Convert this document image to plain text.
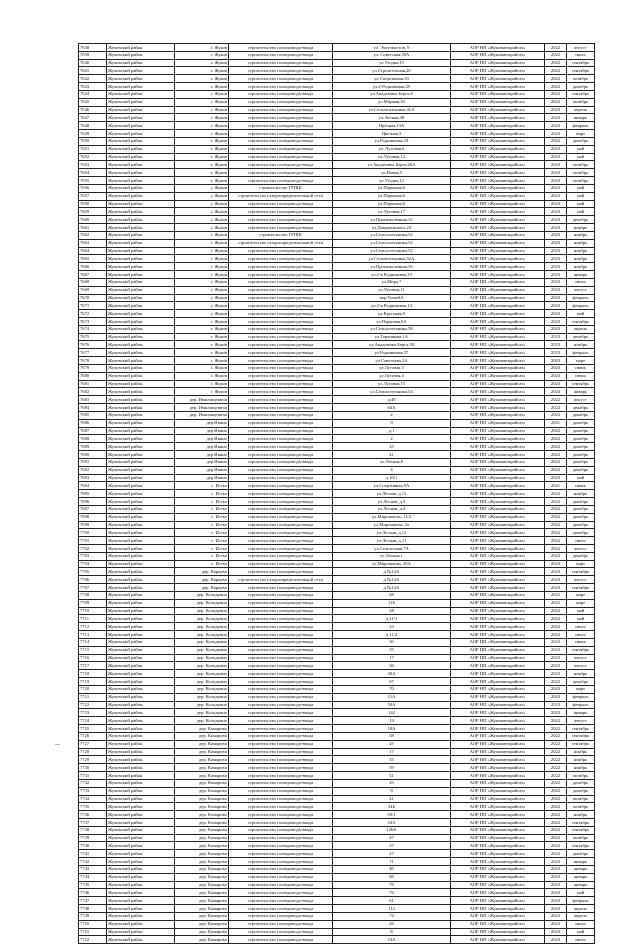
7638	Жуковский район	г. Жуков	строительство газопровода-ввода	ул. Энтузиастов, 9	АОР НП «Жуковмежрайгаз»	2022	август
7639	Жуковский район	г. Жуков	строительство газопровода-ввода	ул. Советская,39А	АОР НП «Жуковмежрайгаз»	2022	июль
7640	Жуковский район	г. Жуков	строительство газопровода-ввода	ул.Угодка,19	АОР НП «Жуковмежрайгаз»	2022	сентябрь
7641	Жуковский район	г. Жуков	строительство газопровода-ввода	ул.Строительная,20	АОР НП «Жуковмежрайгаз»	2022	сентябрь
7642	Жуковский район	г. Жуков	строительство газопровода-ввода	ул.Спортивная,33	АОР НП «Жуковмежрайгаз»	2022	октябрь
7643	Жуковский район	г. Жуков	строительство газопровода-ввода	ул.2-Родниковая,29	АОР НП «Жуковмежрайгаз»	2022	декабрь
7644	Жуковский район	г. Жуков	строительство газопровода-ввода	ул.Академика Берга,6	АОР НП «Жуковмежрайгаз»	2022	сентябрь
7645	Жуковский район	г. Жуков	строительство газопровода-ввода	ул.Мирная,20	АОР НП «Жуковмежрайгаз»	2022	октябрь
7646	Жуковский район	г. Жуков	строительство газопровода-ввода	ул.Сельхозтехника,41А	АОР НП «Жуковмежрайгаз»	2023	апрель
7647	Жуковский район	г. Жуков	строительство газопровода-ввода	ул.Лесная,48	АОР НП «Жуковмежрайгаз»	2023	январь
7648	Жуковский район	г. Жуков	строительство газопровода-ввода	Пречная,13А	АОР НП «Жуковмежрайгаз»	2023	февраль
7649	Жуковский район	г. Жуков	строительство газопровода-ввода	Цветная,3	АОР НП «Жуковмежрайгаз»	2023	март
7650	Жуковский район	г. Жуков	строительство газопровода-ввода	ул.Родниковая,19	АОР НП «Жуковмежрайгаз»	2022	декабрь
7651	Жуковский район	г. Жуков	строительство газопровода-ввода	ул. Луговая,6	АОР НП «Жуковмежрайгаз»	2023	май
7652	Жуковский район	г. Жуков	строительство газопровода-ввода	ул.Луговая,12	АОР НП «Жуковмежрайгаз»	2023	май
7653	Жуковский район	г. Жуков	строительство газопровода-ввода	ул.Академика Берга,20А	АОР НП «Жуковмежрайгаз»	2023	октябрь
7654	Жуковский район	г. Жуков	строительство газопровода-ввода	ул.Новая,5	АОР НП «Жуковмежрайгаз»	2023	октябрь
7655	Жуковский район	г. Жуков	строительство газопровода-ввода	ул.Угодка,12	АОР НП «Жуковмежрайгаз»	2023	октябрь
7656	Жуковский район	г. Жуков	строительство ГРПШ	ул.Парковая,6	АОР НП «Жуковмежрайгаз»	2023	май
7657	Жуковский район	г. Жуков	строительство газораспределительной сети	ул.Парковая,6	АОР НП «Жуковмежрайгаз»	2023	май
7658	Жуковский район	г. Жуков	строительство газопровода-ввода	ул.Парковая,6	АОР НП «Жуковмежрайгаз»	2023	май
7659	Жуковский район	г. Жуков	строительство газопровода-ввода	ул.Луговая,17	АОР НП «Жуковмежрайгаз»	2023	май
7660	Жуковский район	г. Жуков	строительство газопровода-ввода	ул.Промышленная,15	АОР НП «Жуковмежрайгаз»	2023	декабрь
7661	Жуковский район	г. Жуков	строительство газопровода-ввода	ул.Дзержинского,23	АОР НП «Жуковмежрайгаз»	2023	ноябрь
7662	Жуковский район	г. Жуков	строительство ГРПШ	ул.Сельхозтехника,52	АОР НП «Жуковмежрайгаз»	2023	ноябрь
7663	Жуковский район	г. Жуков	строительство газораспределительной сети	ул.Сельхозтехника,52	АОР НП «Жуковмежрайгаз»	2023	ноябрь
7664	Жуковский район	г. Жуков	строительство газопровода-ввода	ул.Сельхозтехника,52	АОР НП «Жуковмежрайгаз»	2023	ноябрь
7665	Жуковский район	г. Жуков	строительство газопровода-ввода	ул.Сельхозтехника,52А	АОР НП «Жуковмежрайгаз»	2023	ноябрь
7666	Жуковский район	г. Жуков	строительство газопровода-ввода	ул.Промышленная,10	АОР НП «Жуковмежрайгаз»	2023	ноябрь
7667	Жуковский район	г. Жуков	строительство газопровода-ввода	ул.2-я Родниковая,33	АОР НП «Жуковмежрайгаз»	2023	январь
7668	Жуковский район	г. Жуков	строительство газопровода-ввода	ул.Мира,7	АОР НП «Жуковмежрайгаз»	2023	июль
7669	Жуковский район	г. Жуков	строительство газопровода-ввода	ул.Луговая,11	АОР НП «Жуковмежрайгаз»	2023	август
7670	Жуковский район	г. Жуков	строительство газопровода-ввода	пер.Тихий,6	АОР НП «Жуковмежрайгаз»	2023	февраль
7671	Жуковский район	г. Жуков	строительство газопровода-ввода	ул.2-я Родниковая,13	АОР НП «Жуковмежрайгаз»	2023	февраль
7672	Жуковский район	г. Жуков	строительство газопровода-ввода	ул.Круговая,9	АОР НП «Жуковмежрайгаз»	2023	май
7673	Жуковский район	г. Жуков	строительство газопровода-ввода	ул.Парковая,6А	АОР НП «Жуковмежрайгаз»	2023	сентябрь
7674	Жуковский район	г. Жуков	строительство газопровода-ввода	ул.Сельхозтехника,58	АОР НП «Жуковмежрайгаз»	2023	апрель
7675	Жуковский район	г. Жуков	строительство газопровода-ввода	ул.Терешкова,1А	АОР НП «Жуковмежрайгаз»	2023	декабрь
7676	Жуковский район	г. Жуков	строительство газопровода-ввода	ул.Академика Берга,38	АОР НП «Жуковмежрайгаз»	2023	ноябрь
7677	Жуковский район	г. Жуков	строительство газопровода-ввода	ул.Родниковая,37	АОР НП «Жуковмежрайгаз»	2023	февраль
7678	Жуковский район	г. Жуков	строительство газопровода-ввода	ул.Савельева,2А	АОР НП «Жуковмежрайгаз»	2023	март
7679	Жуковский район	г. Жуков	строительство газопровода-ввода	ул.Луговая,5	АОР НП «Жуковмежрайгаз»	2023	июнь
7680	Жуковский район	г. Жуков	строительство газопровода-ввода	ул.Луговая,4	АОР НП «Жуковмежрайгаз»	2023	июнь
7681	Жуковский район	г. Жуков	строительство газопровода-ввода	ул.Луговая,15	АОР НП «Жуковмежрайгаз»	2023	сентябрь
7682	Жуковский район	г. Жуков	строительство газопровода-ввода	ул.Сельхозтехника,54	АОР НП «Жуковмежрайгаз»	2024	январь
7683	Жуковский район	дер. Имилищевичи	строительство газопровода-ввода	д.49	АОР НП «Жуковмежрайгаз»	2022	август
7684	Жуковский район	дер. Имилищевичи	строительство газопровода-ввода	64А	АОР НП «Жуковмежрайгаз»	2022	декабрь
7685	Жуковский район	дер. Имилищевичи	строительство газопровода-ввода	2	АОР НП «Жуковмежрайгаз»	2023	декабрь
7686	Жуковский район	дер.Ивино	строительство газопровода-ввода	9	АОР НП «Жуковмежрайгаз»	2021	декабрь
7687	Жуковский район	дер.Ивино	строительство газопровода-ввода	д.1	АОР НП «Жуковмежрайгаз»	2022	декабрь
7688	Жуковский район	дер.Ивино	строительство газопровода-ввода	2	АОР НП «Жуковмежрайгаз»	2022	декабрь
7689	Жуковский район	дер.Ивино	строительство газопровода-ввода	25	АОР НП «Жуковмежрайгаз»	2022	декабрь
7690	Жуковский район	дер.Ивино	строительство газопровода-ввода	41	АОР НП «Жуковмежрайгаз»	2022	декабрь
7691	Жуковский район	дер.Ивино	строительство газопровода-ввода	ул.Лесная,8	АОР НП «Жуковмежрайгаз»	2022	декабрь
7692	Жуковский район	дер.Ивино	строительство газопровода-ввода	4	АОР НП «Жуковмежрайгаз»	2022	декабрь
7693	Жуковский район	дер.Ивино	строительство газопровода-ввода	д.10/1	АОР НП «Жуковмежрайгаз»	2023	май
7694	Жуковский район	с. Истье	строительство газопровода-ввода	ул.Спортивная,9А	АОР НП «Жуковмежрайгаз»	2021	июнь
7695	Жуковский район	с. Истье	строительство газопровода-ввода	ул.Лесная, д.13	АОР НП «Жуковмежрайгаз»	2022	ноябрь
7696	Жуковский район	с. Истье	строительство газопровода-ввода	ул.Лесная, д.5	АОР НП «Жуковмежрайгаз»	2022	декабрь
7697	Жуковский район	с. Истье	строительство газопровода-ввода	ул.Лесная, д.4	АОР НП «Жуковмежрайгаз»	2022	декабрь
7698	Жуковский район	с. Истье	строительство газопровода-ввода	ул.Мирошкова, 11/2	АОР НП «Жуковмежрайгаз»	2022	декабрь
7699	Жуковский район	с. Истье	строительство газопровода-ввода	ул.Мирошкова, 2а	АОР НП «Жуковмежрайгаз»	2022	декабрь
7700	Жуковский район	с. Истье	строительство газопровода-ввода	ул.Лесная, д.12	АОР НП «Жуковмежрайгаз»	2022	декабрь
7701	Жуковский район	с. Истье	строительство газопровода-ввода	ул.Лесная, д.11	АОР НП «Жуковмежрайгаз»	2022	июль
7702	Жуковский район	с. Истье	строительство газопровода-ввода	ул.Сельхозная,7А	АОР НП «Жуковмежрайгаз»	2022	август
7703	Жуковский район	с. Истье	строительство газопровода-ввода	ул.Лесная,1	АОР НП «Жуковмежрайгаз»	2022	декабрь
7704	Жуковский район	с. Истье	строительство газопровода-ввода	ул.Мирошкова, 20А	АОР НП «Жуковмежрайгаз»	2023	март
7705	Жуковский район	дер. Карцево	строительство газопровода-ввода	д.№13А	АОР НП «Жуковмежрайгаз»	2023	сентябрь
7706	Жуковский район	дер. Карцево	строительство газораспределительной сети	д.№13А	АОР НП «Жуковмежрайгаз»	2023	август
7707	Жуковский район	дер. Карцево	строительство газопровода-ввода	д.№13А	АОР НП «Жуковмежрайгаз»	2023	сентябрь
7708	Жуковский район	дер. Колодкино	строительство газопровода-ввода	68	АОР НП «Жуковмежрайгаз»	2022	март
7709	Жуковский район	дер. Колодкино	строительство газопровода-ввода	11Б	АОР НП «Жуковмежрайгаз»	2022	март
7710	Жуковский район	дер. Колодкино	строительство газопровода-ввода	28	АОР НП «Жуковмежрайгаз»	2022	май
7711	Жуковский район	дер. Колодкино	строительство газопровода-ввода	д.21/1	АОР НП «Жуковмежрайгаз»	2022	май
7712	Жуковский район	дер. Колодкино	строительство газопровода-ввода	23	АОР НП «Жуковмежрайгаз»	2022	июль
7713	Жуковский район	дер. Колодкино	строительство газопровода-ввода	д.11/2	АОР НП «Жуковмежрайгаз»	2022	июль
7714	Жуковский район	дер. Колодкино	строительство газопровода-ввода	30	АОР НП «Жуковмежрайгаз»	2022	июнь
7715	Жуковский район	дер. Колодкино	строительство газопровода-ввода	35	АОР НП «Жуковмежрайгаз»	2022	сентябрь
7716	Жуковский район	дер. Колодкино	строительство газопровода-ввода	17	АОР НП «Жуковмежрайгаз»	2022	август
7717	Жуковский район	дер. Колодкино	строительство газопровода-ввода	36	АОР НП «Жуковмежрайгаз»	2022	август
7718	Жуковский район	дер. Колодкино	строительство газопровода-ввода	40А	АОР НП «Жуковмежрайгаз»	2022	ноябрь
7719	Жуковский район	дер. Колодкино	строительство газопровода-ввода	67	АОР НП «Жуковмежрайгаз»	2022	декабрь
7720	Жуковский район	дер. Колодкино	строительство газопровода-ввода	70	АОР НП «Жуковмежрайгаз»	2023	март
7721	Жуковский район	дер. Колодкино	строительство газопровода-ввода	21А	АОР НП «Жуковмежрайгаз»	2023	февраль
7722	Жуковский район	дер. Колодкино	строительство газопровода-ввода	50А	АОР НП «Жуковмежрайгаз»	2023	февраль
7723	Жуковский район	дер. Колодкино	строительство газопровода-ввода	142	АОР НП «Жуковмежрайгаз»	2023	январь
7724	Жуковский район	дер. Колодкино	строительство газопровода-ввода	13	АОР НП «Жуковмежрайгаз»	2022	август
7725	Жуковский район	дер. Комарово	строительство газопровода-ввода	18А	АОР НП «Жуковмежрайгаз»	2022	сентябрь
7726	Жуковский район	дер. Комарово	строительство газопровода-ввода	58	АОР НП «Жуковмежрайгаз»	2022	сентябрь
7727	Жуковский район	дер. Комарово	строительство газопровода-ввода	45	АОР НП «Жуковмежрайгаз»	2022	сентябрь
7728	Жуковский район	дер. Комарово	строительство газопровода-ввода	17	АОР НП «Жуковмежрайгаз»	2022	ноябрь
7729	Жуковский район	дер. Комарово	строительство газопровода-ввода	55	АОР НП «Жуковмежрайгаз»	2022	ноябрь
7730	Жуковский район	дер. Комарово	строительство газопровода-ввода	59	АОР НП «Жуковмежрайгаз»	2022	ноябрь
7731	Жуковский район	дер. Комарово	строительство газопровода-ввода	51	АОР НП «Жуковмежрайгаз»	2022	октябрь
7732	Жуковский район	дер. Комарово	строительство газопровода-ввода	49	АОР НП «Жуковмежрайгаз»	2022	декабрь
7733	Жуковский район	дер. Комарово	строительство газопровода-ввода	8	АОР НП «Жуковмежрайгаз»	2022	декабрь
7734	Жуковский район	дер. Комарово	строительство газопровода-ввода	41	АОР НП «Жуковмежрайгаз»	2022	октябрь
7735	Жуковский район	дер. Комарово	строительство газопровода-ввода	34Б	АОР НП «Жуковмежрайгаз»	2022	октябрь
7736	Жуковский район	дер. Комарово	строительство газопровода-ввода	50/1	АОР НП «Жуковмежрайгаз»	2022	ноябрь
7737	Жуковский район	дер. Комарово	строительство газопровода-ввода	34А	АОР НП «Жуковмежрайгаз»	2022	сентябрь
7738	Жуковский район	дер. Комарово	строительство газопровода-ввода	126А	АОР НП «Жуковмежрайгаз»	2022	сентябрь
7739	Жуковский район	дер. Комарово	строительство газопровода-ввода	47	АОР НП «Жуковмежрайгаз»	2022	октябрь
7740	Жуковский район	дер. Комарово	строительство газопровода-ввода	37	АОР НП «Жуковмежрайгаз»	2022	сентябрь
7741	Жуковский район	дер. Комарово	строительство газопровода-ввода	27	АОР НП «Жуковмежрайгаз»	2022	декабрь
7742	Жуковский район	дер. Комарово	строительство газопровода-ввода	71	АОР НП «Жуковмежрайгаз»	2023	январь
7743	Жуковский район	дер. Комарово	строительство газопровода-ввода	40	АОР НП «Жуковмежрайгаз»	2023	январь
7744	Жуковский район	дер. Комарово	строительство газопровода-ввода	69	АОР НП «Жуковмежрайгаз»	2023	январь
7745	Жуковский район	дер. Комарово	строительство газопровода-ввода	79	АОР НП «Жуковмежрайгаз»	2023	январь
7746	Жуковский район	дер. Комарово	строительство газопровода-ввода	76	АОР НП «Жуковмежрайгаз»	2023	май
7747	Жуковский район	дер. Комарово	строительство газопровода-ввода	61	АОР НП «Жуковмежрайгаз»	2023	февраль
7748	Жуковский район	дер. Комарово	строительство газопровода-ввода	112	АОР НП «Жуковмежрайгаз»	2023	апрель
7749	Жуковский район	дер. Комарово	строительство газопровода-ввода	74	АОР НП «Жуковмежрайгаз»	2023	апрель
7750	Жуковский район	дер. Комарово	строительство газопровода-ввода	26	АОР НП «Жуковмежрайгаз»	2023	июль
7751	Жуковский район	дер. Комарово	строительство газопровода-ввода	8	АОР НП «Жуковмежрайгаз»	2023	май
7752	Жуковский район	дер. Комарово	строительство газопровода-ввода	53А	АОР НП «Жуковмежрайгаз»	2023	июль
